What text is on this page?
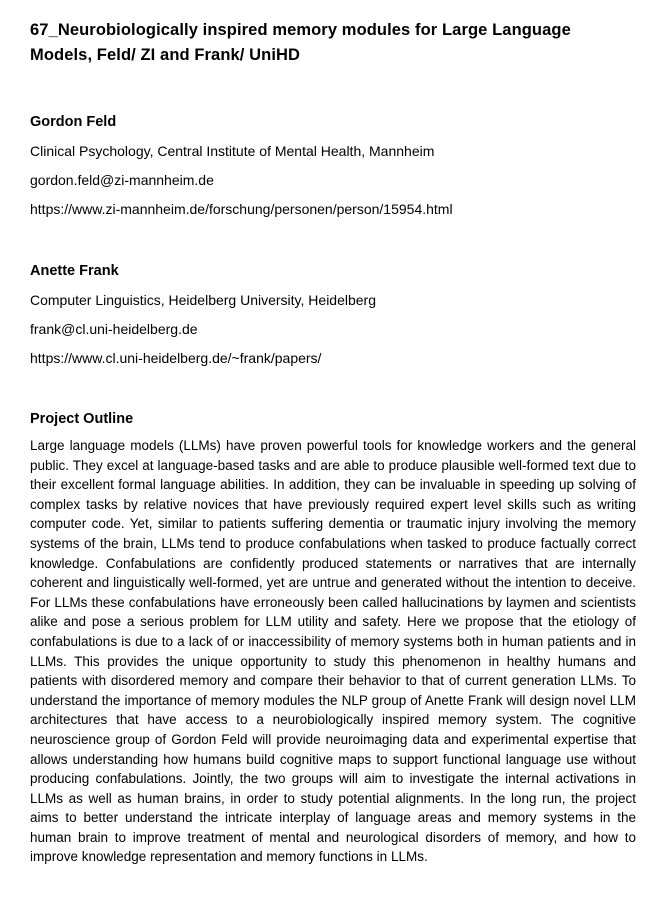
67_Neurobiologically inspired memory modules for Large Language Models, Feld/ ZI and Frank/ UniHD

Gordon Feld

Clinical Psychology, Central Institute of Mental Health, Mannheim

gordon.feld@zi-mannheim.de

https://www.zi-mannheim.de/forschung/personen/person/15954.html

Anette Frank

Computer Linguistics, Heidelberg University, Heidelberg

frank@cl.uni-heidelberg.de

https://www.cl.uni-heidelberg.de/~frank/papers/

Project Outline

Large language models (LLMs) have proven powerful tools for knowledge workers and the general public. They excel at language-based tasks and are able to produce plausible well-formed text due to their excellent formal language abilities. In addition, they can be invaluable in speeding up solving of complex tasks by relative novices that have previously required expert level skills such as writing computer code. Yet, similar to patients suffering dementia or traumatic injury involving the memory systems of the brain, LLMs tend to produce confabulations when tasked to produce factually correct knowledge. Confabulations are confidently produced statements or narratives that are internally coherent and linguistically well-formed, yet are untrue and generated without the intention to deceive. For LLMs these confabulations have erroneously been called hallucinations by laymen and scientists alike and pose a serious problem for LLM utility and safety. Here we propose that the etiology of confabulations is due to a lack of or inaccessibility of memory systems both in human patients and in LLMs. This provides the unique opportunity to study this phenomenon in healthy humans and patients with disordered memory and compare their behavior to that of current generation LLMs. To understand the importance of memory modules the NLP group of Anette Frank will design novel LLM architectures that have access to a neurobiologically inspired memory system. The cognitive neuroscience group of Gordon Feld will provide neuroimaging data and experimental expertise that allows understanding how humans build cognitive maps to support functional language use without producing confabulations. Jointly, the two groups will aim to investigate the internal activations in LLMs as well as human brains, in order to study potential alignments. In the long run, the project aims to better understand the intricate interplay of language areas and memory systems in the human brain to improve treatment of mental and neurological disorders of memory, and how to improve knowledge representation and memory functions in LLMs.
